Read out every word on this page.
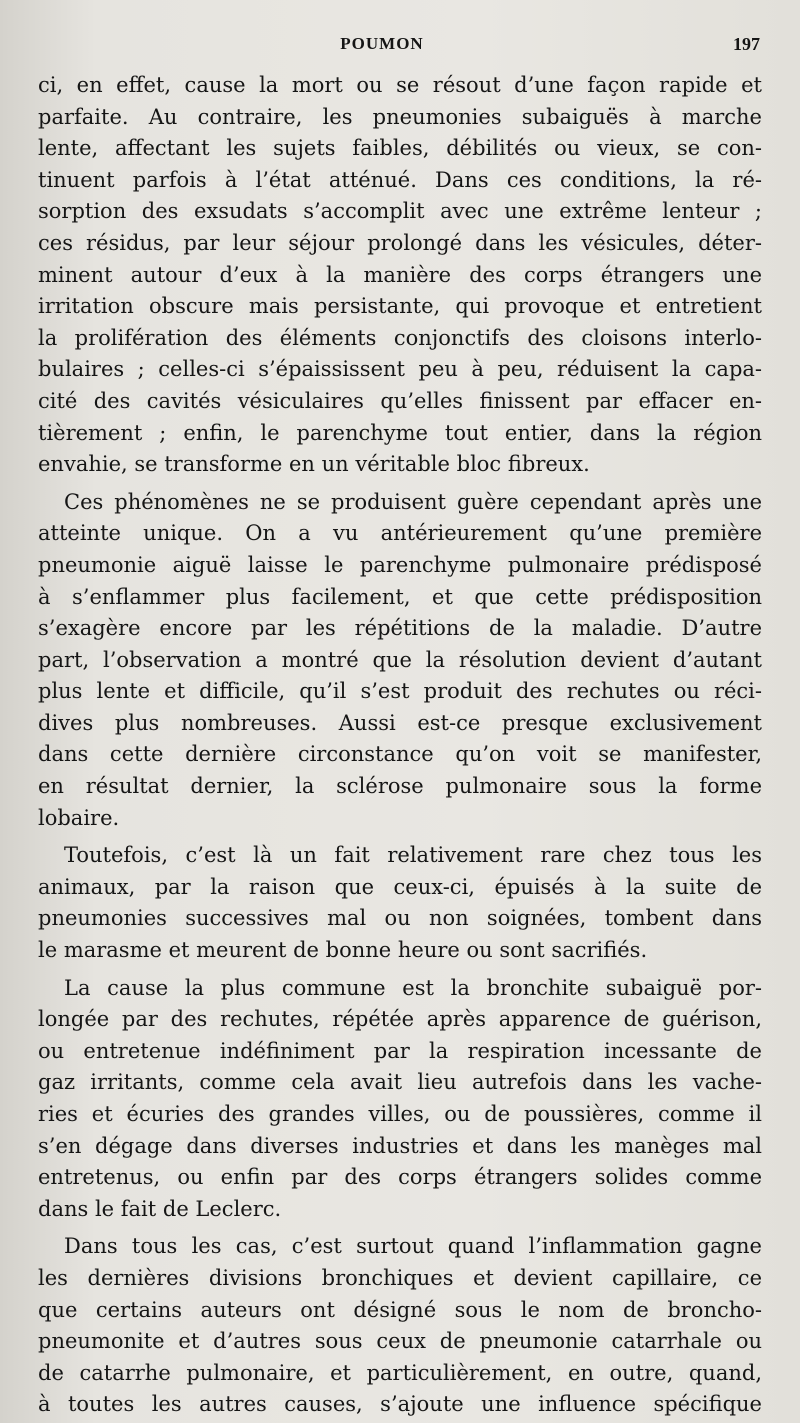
POUMON	197
ci, en effet, cause la mort ou se résout d’une façon rapide et
parfaite. Au contraire, les pneumonies subaiguës à marche
lente, affectant les sujets faibles, débilités ou vieux, se con-
tinuent parfois à l’état atténué. Dans ces conditions, la ré-
sorption des exsudats s’accomplit avec une extrême lenteur ;
ces résidus, par leur séjour prolongé dans les vésicules, déter-
minent autour d’eux à la manière des corps étrangers une
irritation obscure mais persistante, qui provoque et entretient
la prolifération des éléments conjonctifs des cloisons interlo-
bulaires ; celles-ci s’épaississent peu à peu, réduisent la capa-
cité des cavités vésiculaires qu’elles finissent par effacer en-
tièrement ; enfin, le parenchyme tout entier, dans la région
envahie, se transforme en un véritable bloc fibreux.
Ces phénomènes ne se produisent guère cependant après une
atteinte unique. On a vu antérieurement qu’une première
pneumonie aiguë laisse le parenchyme pulmonaire prédisposé
à s’enflammer plus facilement, et que cette prédisposition
s’exagère encore par les répétitions de la maladie. D’autre
part, l’observation a montré que la résolution devient d’autant
plus lente et difficile, qu’il s’est produit des rechutes ou réci-
dives plus nombreuses. Aussi est-ce presque exclusivement
dans cette dernière circonstance qu’on voit se manifester,
en résultat dernier, la sclérose pulmonaire sous la forme
lobaire.
Toutefois, c’est là un fait relativement rare chez tous les
animaux, par la raison que ceux-ci, épuisés à la suite de
pneumonies successives mal ou non soignées, tombent dans
le marasme et meurent de bonne heure ou sont sacrifiés.
La cause la plus commune est la bronchite subaiguë por-
longée par des rechutes, répétée après apparence de guérison,
ou entretenue indéfiniment par la respiration incessante de
gaz irritants, comme cela avait lieu autrefois dans les vache-
ries et écuries des grandes villes, ou de poussières, comme il
s’en dégage dans diverses industries et dans les manèges mal
entretenus, ou enfin par des corps étrangers solides comme
dans le fait de Leclerc.
Dans tous les cas, c’est surtout quand l’inflammation gagne
les dernières divisions bronchiques et devient capillaire, ce
que certains auteurs ont désigné sous le nom de broncho-
pneumonite et d’autres sous ceux de pneumonie catarrhale ou
de catarrhe pulmonaire, et particulièrement, en outre, quand,
à toutes les autres causes, s’ajoute une influence spécifique
